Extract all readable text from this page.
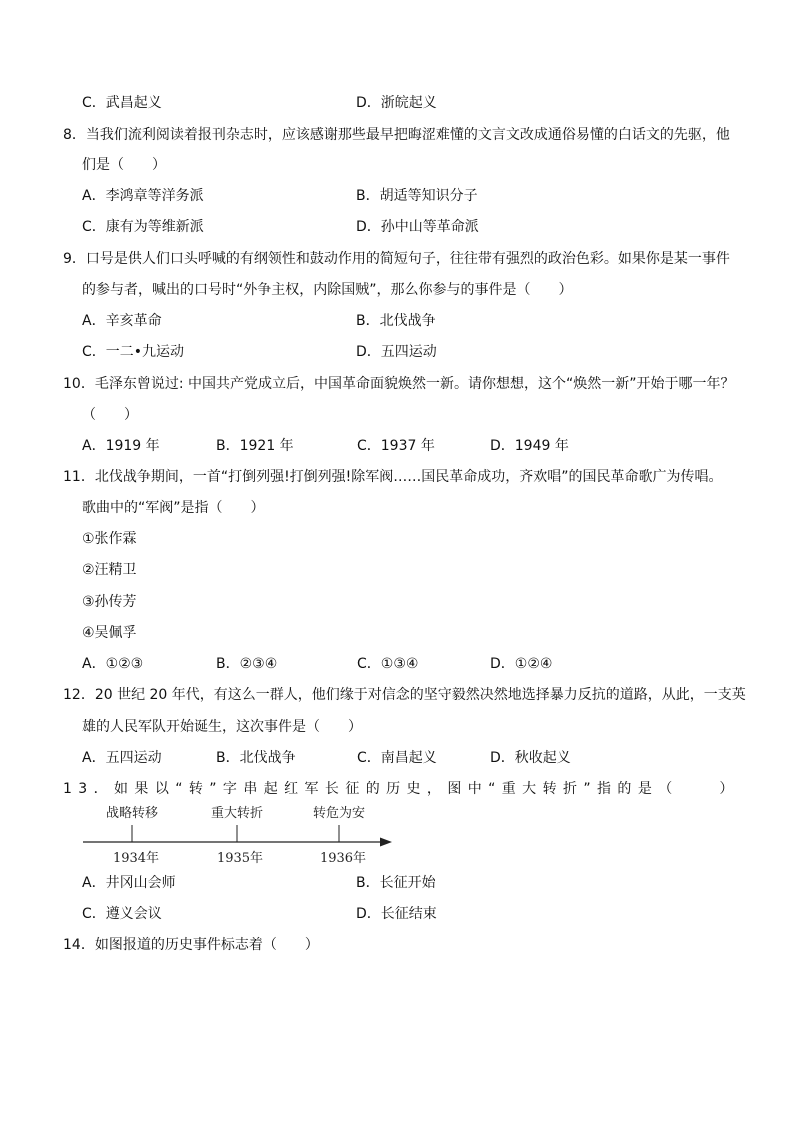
C．武昌起义	D．浙皖起义
8．当我们流利阅读着报刊杂志时，应该感谢那些最早把晦涩难懂的文言文改成通俗易懂的白话文的先驱，他
们是（　　）
A．李鸿章等洋务派	B．胡适等知识分子
C．康有为等维新派	D．孙中山等革命派
9．口号是供人们口头呼喊的有纲领性和鼓动作用的简短句子，往往带有强烈的政治色彩。如果你是某一事件
的参与者，喊出的口号时“外争主权，内除国贼”，那么你参与的事件是（　　）
A．辛亥革命	B．北伐战争
C．一二•九运动	D．五四运动
10．毛泽东曾说过: 中国共产党成立后，中国革命面貌焕然一新。请你想想，这个“焕然一新”开始于哪一年？
（　　）
A．1919 年	B．1921 年	C．1937 年	D．1949 年
11．北伐战争期间，一首“打倒列强!打倒列强!除军阀……国民革命成功，齐欢唱”的国民革命歌广为传唱。
歌曲中的“军阀”是指（　　）
①张作霖
②汪精卫
③孙传芳
④吴佩孚
A．①②③	B．②③④	C．①③④	D．①②④
12．20 世纪 20 年代，有这么一群人，他们缘于对信念的坚守毅然决然地选择暴力反抗的道路，从此，一支英
雄的人民军队开始诞生，这次事件是（　　）
A．五四运动	B．北伐战争	C．南昌起义	D．秋收起义
13．如果以“转”字串起红军长征的历史，图中“重大转折”指的是（　　）
战略转移	重大转折	转危为安
1934年	1935年	1936年
A．井冈山会师	B．长征开始
C．遵义会议	D．长征结束
14．如图报道的历史事件标志着（　　）
